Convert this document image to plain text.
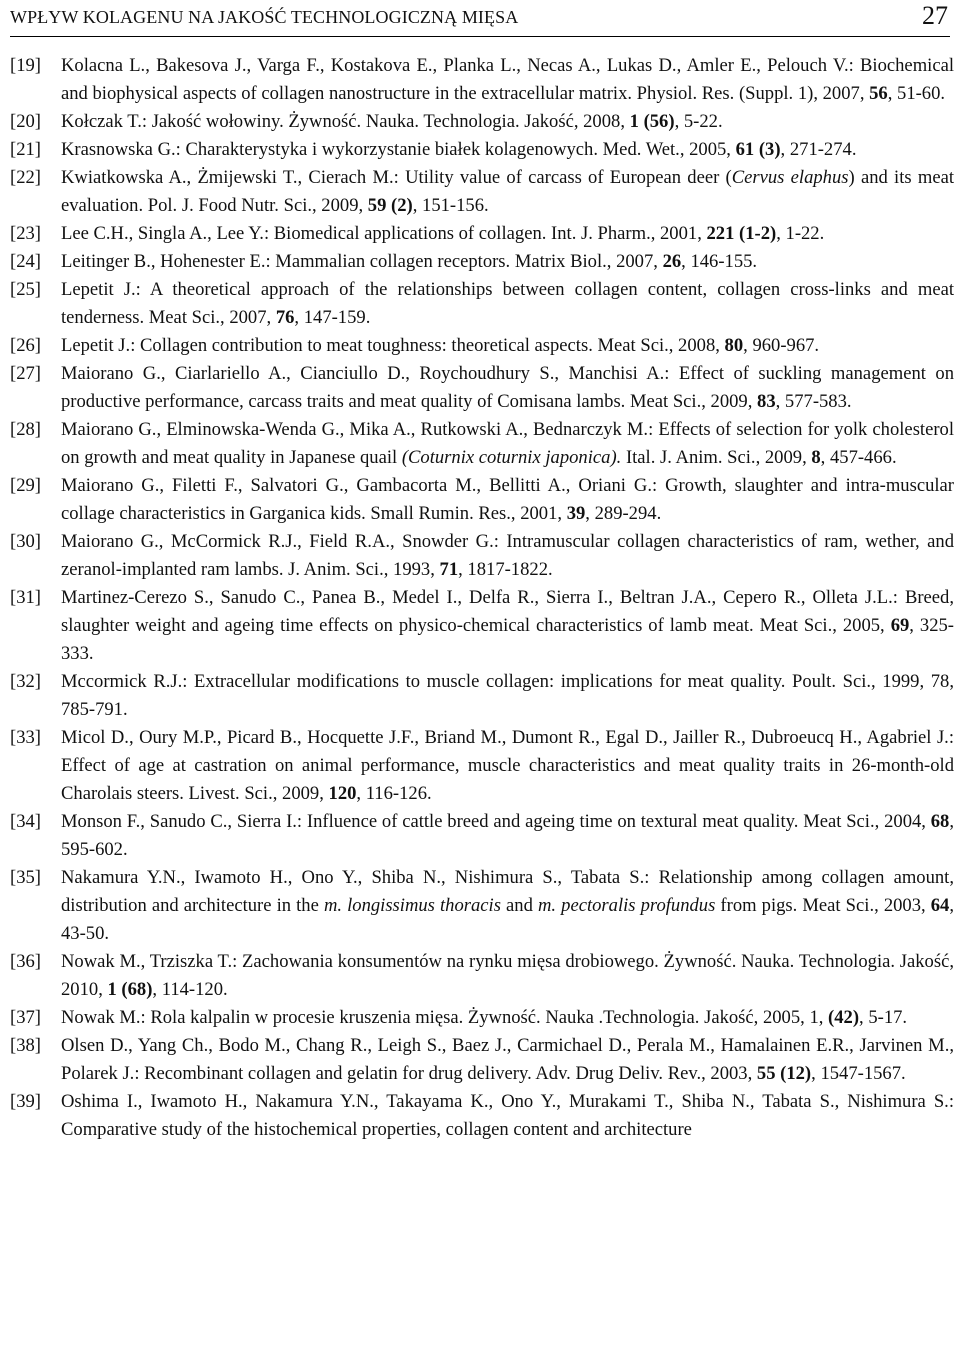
WPŁYW KOLAGENU NA JAKOŚĆ TECHNOLOGICZNĄ MIĘSA	27
[19] Kolacna L., Bakesova J., Varga F., Kostakova E., Planka L., Necas A., Lukas D., Amler E., Pelouch V.: Biochemical and biophysical aspects of collagen nanostructure in the extracellular matrix. Physiol. Res. (Suppl. 1), 2007, 56, 51-60.
[20] Kołczak T.: Jakość wołowiny. Żywność. Nauka. Technologia. Jakość, 2008, 1 (56), 5-22.
[21] Krasnowska G.: Charakterystyka i wykorzystanie białek kolagenowych. Med. Wet., 2005, 61 (3), 271-274.
[22] Kwiatkowska A., Żmijewski T., Cierach M.: Utility value of carcass of European deer (Cervus elaphus) and its meat evaluation. Pol. J. Food Nutr. Sci., 2009, 59 (2), 151-156.
[23] Lee C.H., Singla A., Lee Y.: Biomedical applications of collagen. Int. J. Pharm., 2001, 221 (1-2), 1-22.
[24] Leitinger B., Hohenester E.: Mammalian collagen receptors. Matrix Biol., 2007, 26, 146-155.
[25] Lepetit J.: A theoretical approach of the relationships between collagen content, collagen cross-links and meat tenderness. Meat Sci., 2007, 76, 147-159.
[26] Lepetit J.: Collagen contribution to meat toughness: theoretical aspects. Meat Sci., 2008, 80, 960-967.
[27] Maiorano G., Ciarlariello A., Cianciullo D., Roychoudhury S., Manchisi A.: Effect of suckling management on productive performance, carcass traits and meat quality of Comisana lambs. Meat Sci., 2009, 83, 577-583.
[28] Maiorano G., Elminowska-Wenda G., Mika A., Rutkowski A., Bednarczyk M.: Effects of selection for yolk cholesterol on growth and meat quality in Japanese quail (Coturnix coturnix japonica). Ital. J. Anim. Sci., 2009, 8, 457-466.
[29] Maiorano G., Filetti F., Salvatori G., Gambacorta M., Bellitti A., Oriani G.: Growth, slaughter and intra-muscular collage characteristics in Garganica kids. Small Rumin. Res., 2001, 39, 289-294.
[30] Maiorano G., McCormick R.J., Field R.A., Snowder G.: Intramuscular collagen characteristics of ram, wether, and zeranol-implanted ram lambs. J. Anim. Sci., 1993, 71, 1817-1822.
[31] Martinez-Cerezo S., Sanudo C., Panea B., Medel I., Delfa R., Sierra I., Beltran J.A., Cepero R., Olleta J.L.: Breed, slaughter weight and ageing time effects on physico-chemical characteristics of lamb meat. Meat Sci., 2005, 69, 325-333.
[32] Mccormick R.J.: Extracellular modifications to muscle collagen: implications for meat quality. Poult. Sci., 1999, 78, 785-791.
[33] Micol D., Oury M.P., Picard B., Hocquette J.F., Briand M., Dumont R., Egal D., Jailler R., Dubroeucq H., Agabriel J.: Effect of age at castration on animal performance, muscle characteristics and meat quality traits in 26-month-old Charolais steers. Livest. Sci., 2009, 120, 116-126.
[34] Monson F., Sanudo C., Sierra I.: Influence of cattle breed and ageing time on textural meat quality. Meat Sci., 2004, 68, 595-602.
[35] Nakamura Y.N., Iwamoto H., Ono Y., Shiba N., Nishimura S., Tabata S.: Relationship among collagen amount, distribution and architecture in the m. longissimus thoracis and m. pectoralis profundus from pigs. Meat Sci., 2003, 64, 43-50.
[36] Nowak M., Trziszka T.: Zachowania konsumentów na rynku mięsa drobiowego. Żywność. Nauka. Technologia. Jakość, 2010, 1 (68), 114-120.
[37] Nowak M.: Rola kalpalin w procesie kruszenia mięsa. Żywność. Nauka .Technologia. Jakość, 2005, 1, (42), 5-17.
[38] Olsen D., Yang Ch., Bodo M., Chang R., Leigh S., Baez J., Carmichael D., Perala M., Hamalainen E.R., Jarvinen M., Polarek J.: Recombinant collagen and gelatin for drug delivery. Adv. Drug Deliv. Rev., 2003, 55 (12), 1547-1567.
[39] Oshima I., Iwamoto H., Nakamura Y.N., Takayama K., Ono Y., Murakami T., Shiba N., Tabata S., Nishimura S.: Comparative study of the histochemical properties, collagen content and architecture
